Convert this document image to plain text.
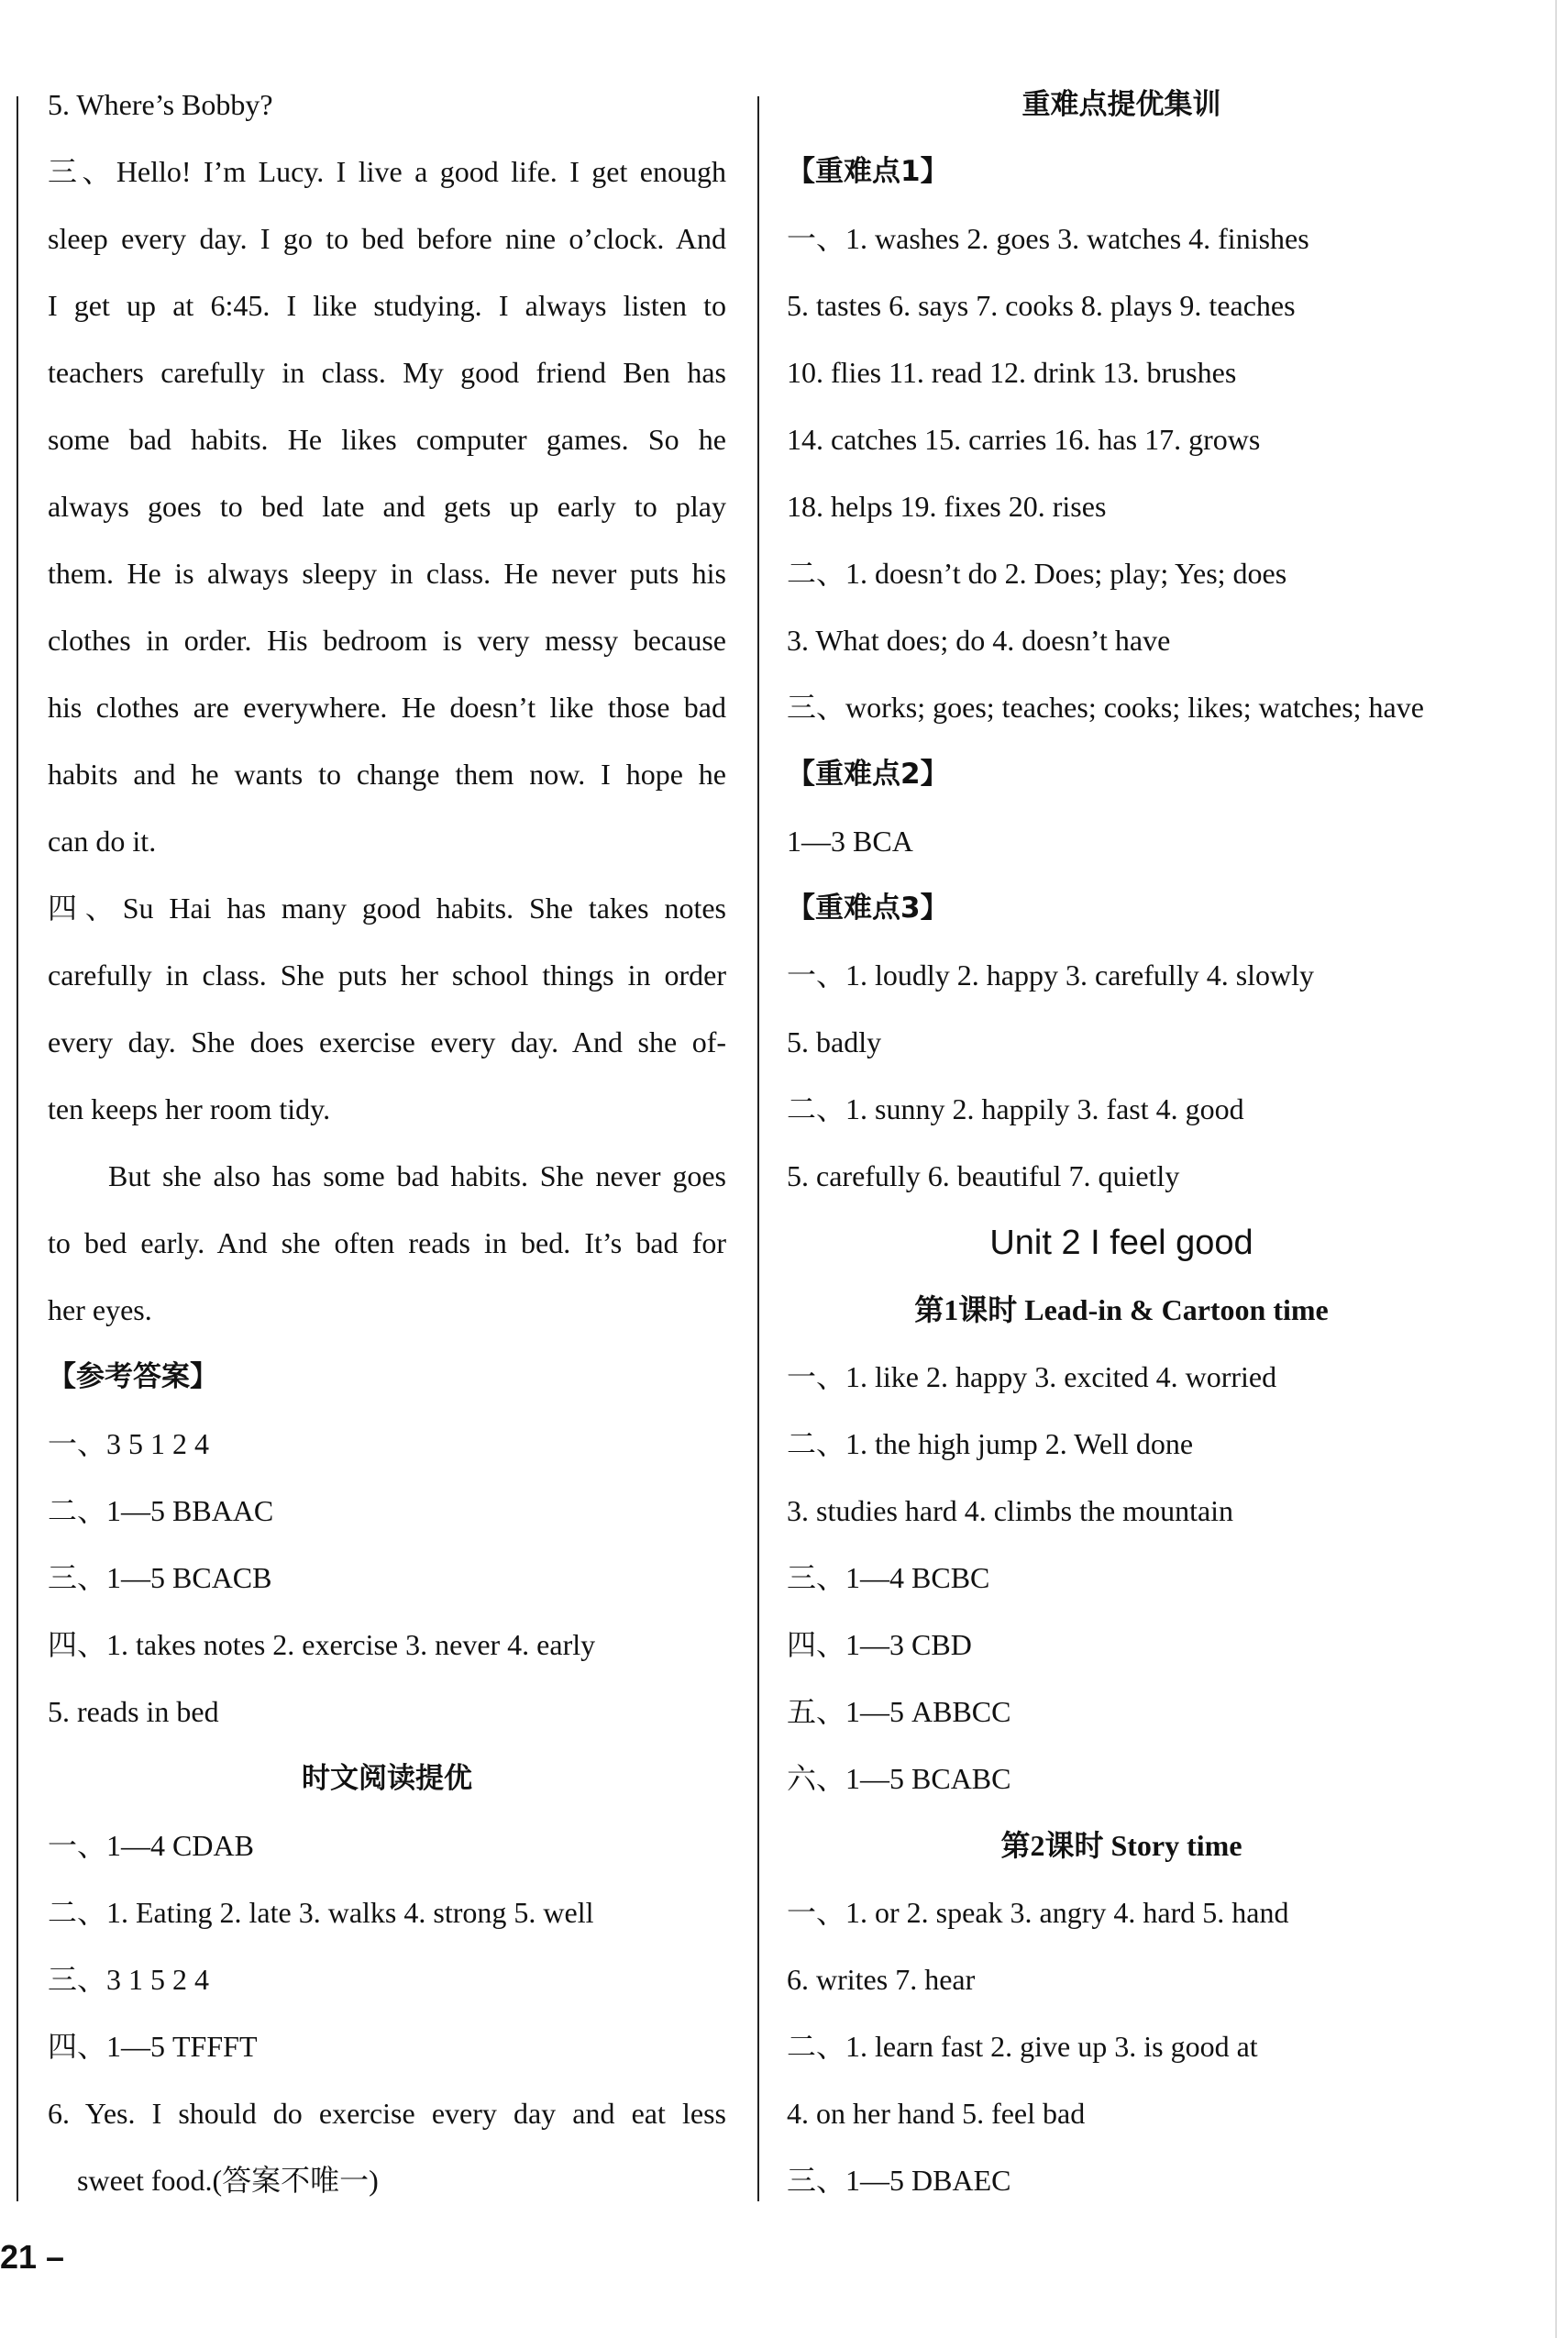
5. Where’s Bobby?
三、Hello! I’m Lucy. I live a good life. I get enough
sleep every day. I go to bed before nine o’clock. And
I get up at 6:45. I like studying. I always listen to
teachers carefully in class. My good friend Ben has
some bad habits. He likes computer games. So he
always goes to bed late and gets up early to play
them. He is always sleepy in class. He never puts his
clothes in order. His bedroom is very messy because
his clothes are everywhere. He doesn’t like those bad
habits and he wants to change them now. I hope he
can do it.
四、Su Hai has many good habits. She takes notes
carefully in class. She puts her school things in order
every day. She does exercise every day. And she of-
ten keeps her room tidy.
But she also has some bad habits. She never goes
to bed early. And she often reads in bed. It’s bad for
her eyes.
【参考答案】
一、3 5 1 2 4
二、1—5 BBAAC
三、1—5 BCACB
四、1. takes notes 2. exercise 3. never 4. early
5. reads in bed
时文阅读提优
一、1—4 CDAB
二、1. Eating 2. late 3. walks 4. strong 5. well
三、3 1 5 2 4
四、1—5 TFFFT
6. Yes. I should do exercise every day and eat less
sweet food.(答案不唯一)
重难点提优集训
【重难点1】
一、1. washes 2. goes 3. watches 4. finishes
5. tastes 6. says 7. cooks 8. plays 9. teaches
10. flies 11. read 12. drink 13. brushes
14. catches 15. carries 16. has 17. grows
18. helps 19. fixes 20. rises
二、1. doesn’t do 2. Does; play; Yes; does
3. What does; do 4. doesn’t have
三、works; goes; teaches; cooks; likes; watches; have
【重难点2】
1—3 BCA
【重难点3】
一、1. loudly 2. happy 3. carefully 4. slowly
5. badly
二、1. sunny 2. happily 3. fast 4. good
5. carefully 6. beautiful 7. quietly
Unit 2 I feel good
第1课时 Lead-in & Cartoon time
一、1. like 2. happy 3. excited 4. worried
二、1. the high jump 2. Well done
3. studies hard 4. climbs the mountain
三、1—4 BCBC
四、1—3 CBD
五、1—5 ABBCC
六、1—5 BCABC
第2课时 Story time
一、1. or 2. speak 3. angry 4. hard 5. hand
6. writes 7. hear
二、1. learn fast 2. give up 3. is good at
4. on her hand 5. feel bad
三、1—5 DBAEC
21 –
